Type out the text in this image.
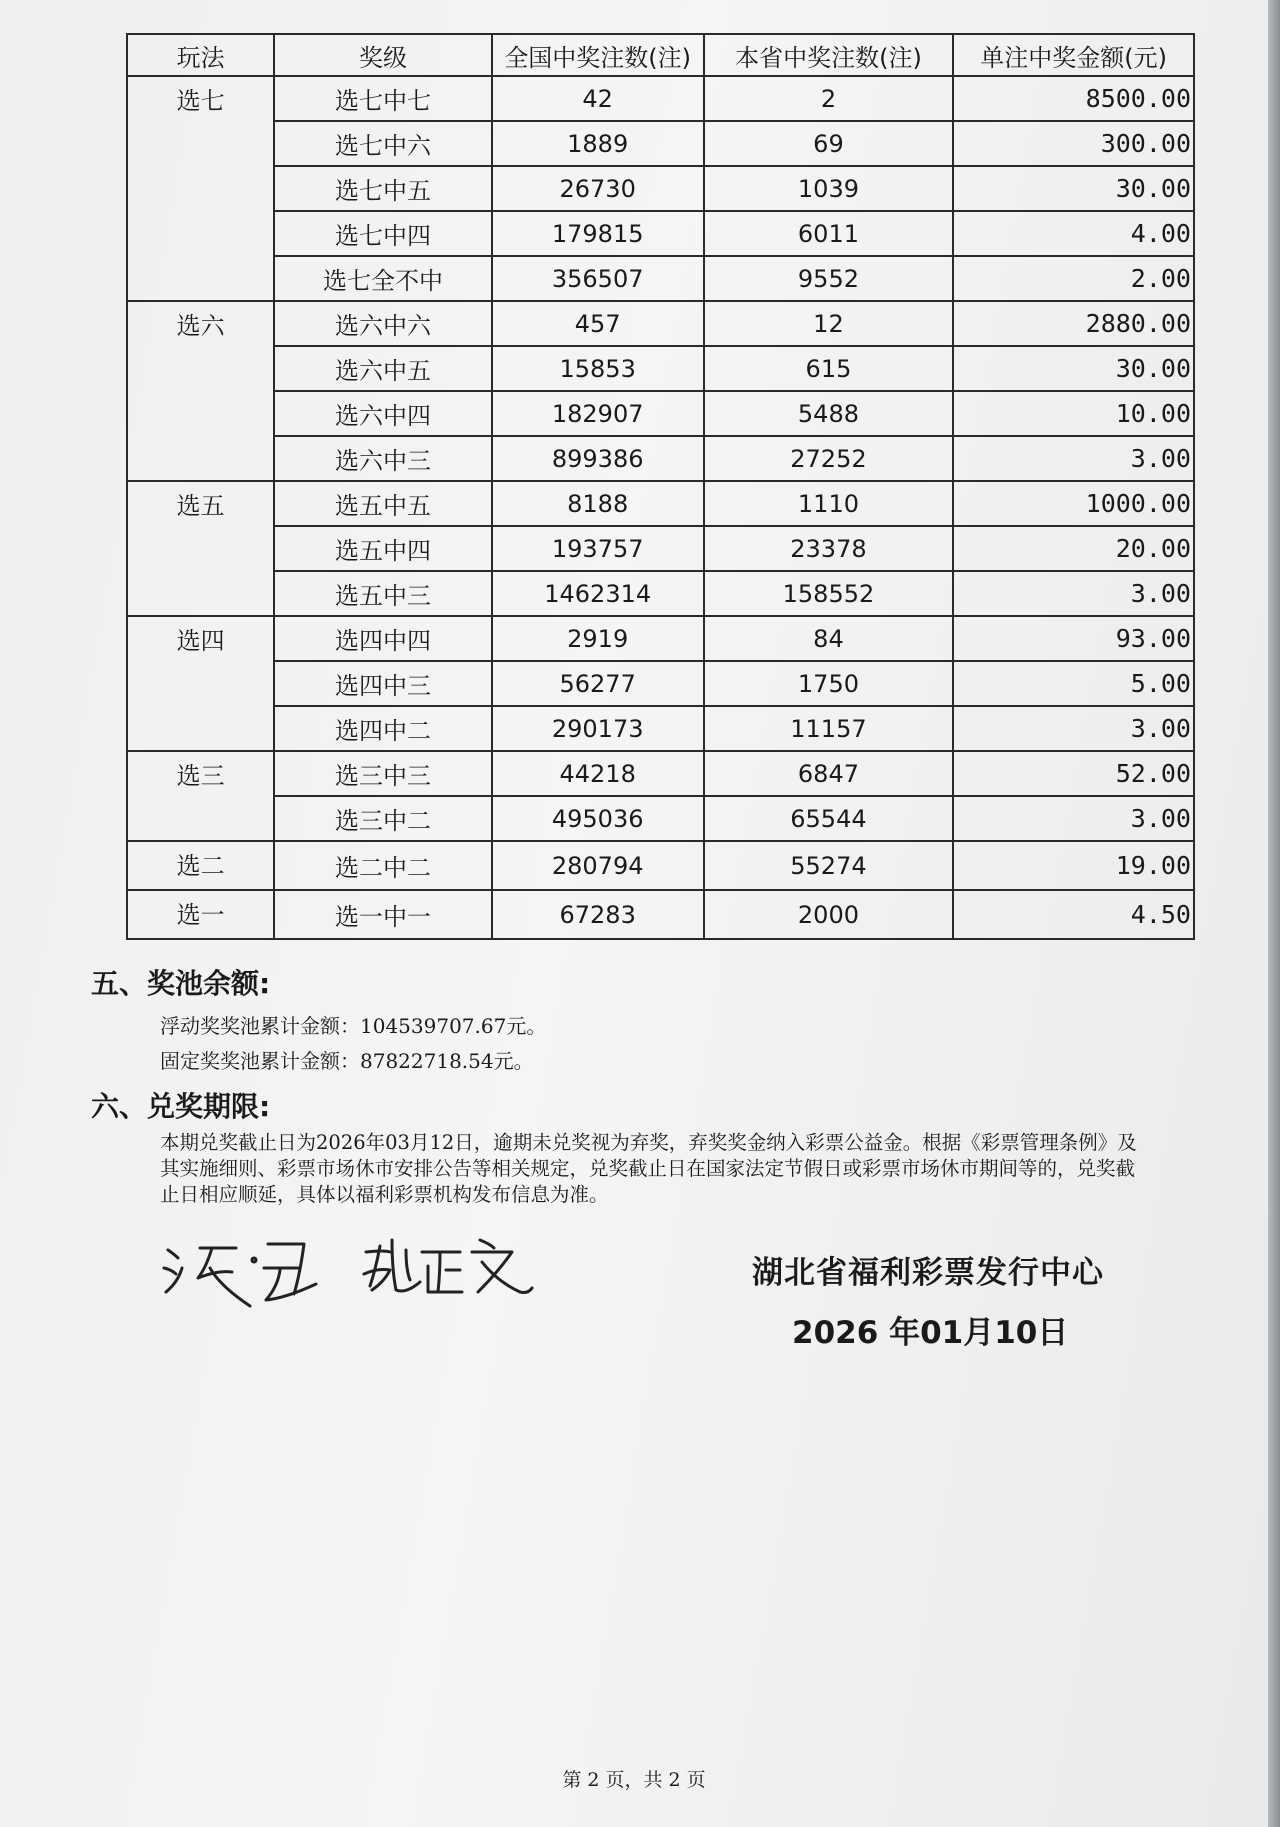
玩法	奖级	全国中奖注数(注)	本省中奖注数(注)	单注中奖金额(元)
选七	选七中七	42	2	8500.00
	选七中六	1889	69	300.00
	选七中五	26730	1039	30.00
	选七中四	179815	6011	4.00
	选七全不中	356507	9552	2.00
选六	选六中六	457	12	2880.00
	选六中五	15853	615	30.00
	选六中四	182907	5488	10.00
	选六中三	899386	27252	3.00
选五	选五中五	8188	1110	1000.00
	选五中四	193757	23378	20.00
	选五中三	1462314	158552	3.00
选四	选四中四	2919	84	93.00
	选四中三	56277	1750	5.00
	选四中二	290173	11157	3.00
选三	选三中三	44218	6847	52.00
	选三中二	495036	65544	3.00
选二	选二中二	280794	55274	19.00
选一	选一中一	67283	2000	4.50
五、奖池余额:
浮动奖奖池累计金额：104539707.67元。
固定奖奖池累计金额：87822718.54元。
六、兑奖期限:
本期兑奖截止日为2026年03月12日，逾期未兑奖视为弃奖，弃奖奖金纳入彩票公益金。根据《彩票管理条例》及其实施细则、彩票市场休市安排公告等相关规定，兑奖截止日在国家法定节假日或彩票市场休市期间等的，兑奖截止日相应顺延，具体以福利彩票机构发布信息为准。
湖北省福利彩票发行中心
2026 年01月10日
第 2 页，共 2 页
